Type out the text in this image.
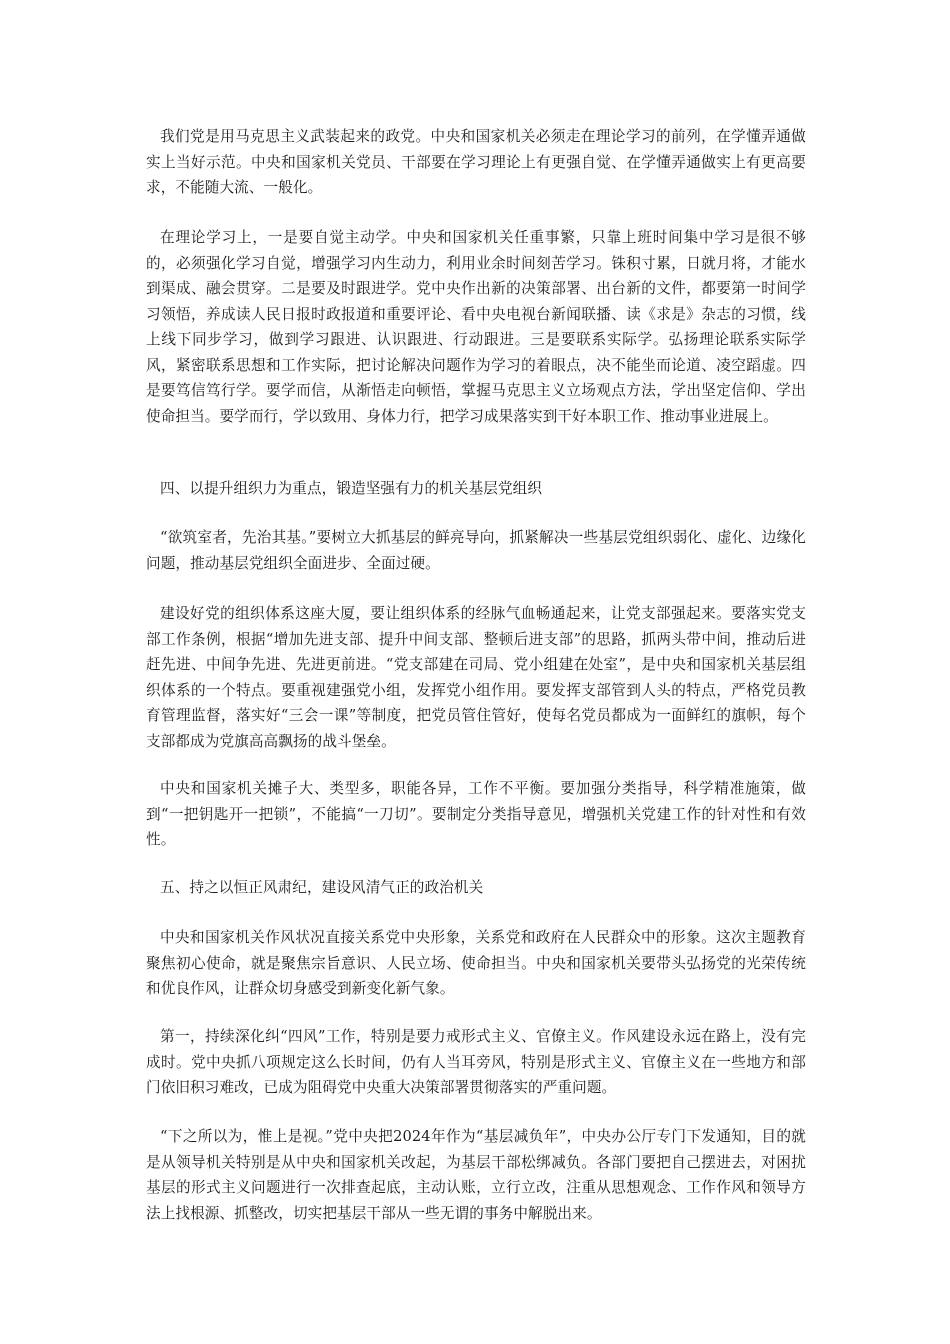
我们党是用马克思主义武装起来的政党。中央和国家机关必须走在理论学习的前列，在学懂弄通做实上当好示范。中央和国家机关党员、干部要在学习理论上有更强自觉、在学懂弄通做实上有更高要求，不能随大流、一般化。

在理论学习上，一是要自觉主动学。中央和国家机关任重事繁，只靠上班时间集中学习是很不够的，必须强化学习自觉，增强学习内生动力，利用业余时间刻苦学习。铢积寸累，日就月将，才能水到渠成、融会贯穿。二是要及时跟进学。党中央作出新的决策部署、出台新的文件，都要第一时间学习领悟，养成读人民日报时政报道和重要评论、看中央电视台新闻联播、读《求是》杂志的习惯，线上线下同步学习，做到学习跟进、认识跟进、行动跟进。三是要联系实际学。弘扬理论联系实际学风，紧密联系思想和工作实际，把讨论解决问题作为学习的着眼点，决不能坐而论道、凌空蹈虚。四是要笃信笃行学。要学而信，从渐悟走向顿悟，掌握马克思主义立场观点方法，学出坚定信仰、学出使命担当。要学而行，学以致用、身体力行，把学习成果落实到干好本职工作、推动事业进展上。

四、以提升组织力为重点，锻造坚强有力的机关基层党组织

“欲筑室者，先治其基。”要树立大抓基层的鲜亮导向，抓紧解决一些基层党组织弱化、虚化、边缘化问题，推动基层党组织全面进步、全面过硬。

建设好党的组织体系这座大厦，要让组织体系的经脉气血畅通起来，让党支部强起来。要落实党支部工作条例，根据“增加先进支部、提升中间支部、整顿后进支部”的思路，抓两头带中间，推动后进赶先进、中间争先进、先进更前进。“党支部建在司局、党小组建在处室”，是中央和国家机关基层组织体系的一个特点。要重视建强党小组，发挥党小组作用。要发挥支部管到人头的特点，严格党员教育管理监督，落实好“三会一课”等制度，把党员管住管好，使每名党员都成为一面鲜红的旗帜，每个支部都成为党旗高高飘扬的战斗堡垒。

中央和国家机关摊子大、类型多，职能各异，工作不平衡。要加强分类指导，科学精准施策，做到“一把钥匙开一把锁”，不能搞“一刀切”。要制定分类指导意见，增强机关党建工作的针对性和有效性。

五、持之以恒正风肃纪，建设风清气正的政治机关

中央和国家机关作风状况直接关系党中央形象，关系党和政府在人民群众中的形象。这次主题教育聚焦初心使命，就是聚焦宗旨意识、人民立场、使命担当。中央和国家机关要带头弘扬党的光荣传统和优良作风，让群众切身感受到新变化新气象。

第一，持续深化纠“四风”工作，特别是要力戒形式主义、官僚主义。作风建设永远在路上，没有完成时。党中央抓八项规定这么长时间，仍有人当耳旁风，特别是形式主义、官僚主义在一些地方和部门依旧积习难改，已成为阻碍党中央重大决策部署贯彻落实的严重问题。

“下之所以为，惟上是视。”党中央把2024年作为“基层减负年”，中央办公厅专门下发通知，目的就是从领导机关特别是从中央和国家机关改起，为基层干部松绑减负。各部门要把自己摆进去，对困扰基层的形式主义问题进行一次排查起底，主动认账，立行立改，注重从思想观念、工作作风和领导方法上找根源、抓整改，切实把基层干部从一些无谓的事务中解脱出来。
